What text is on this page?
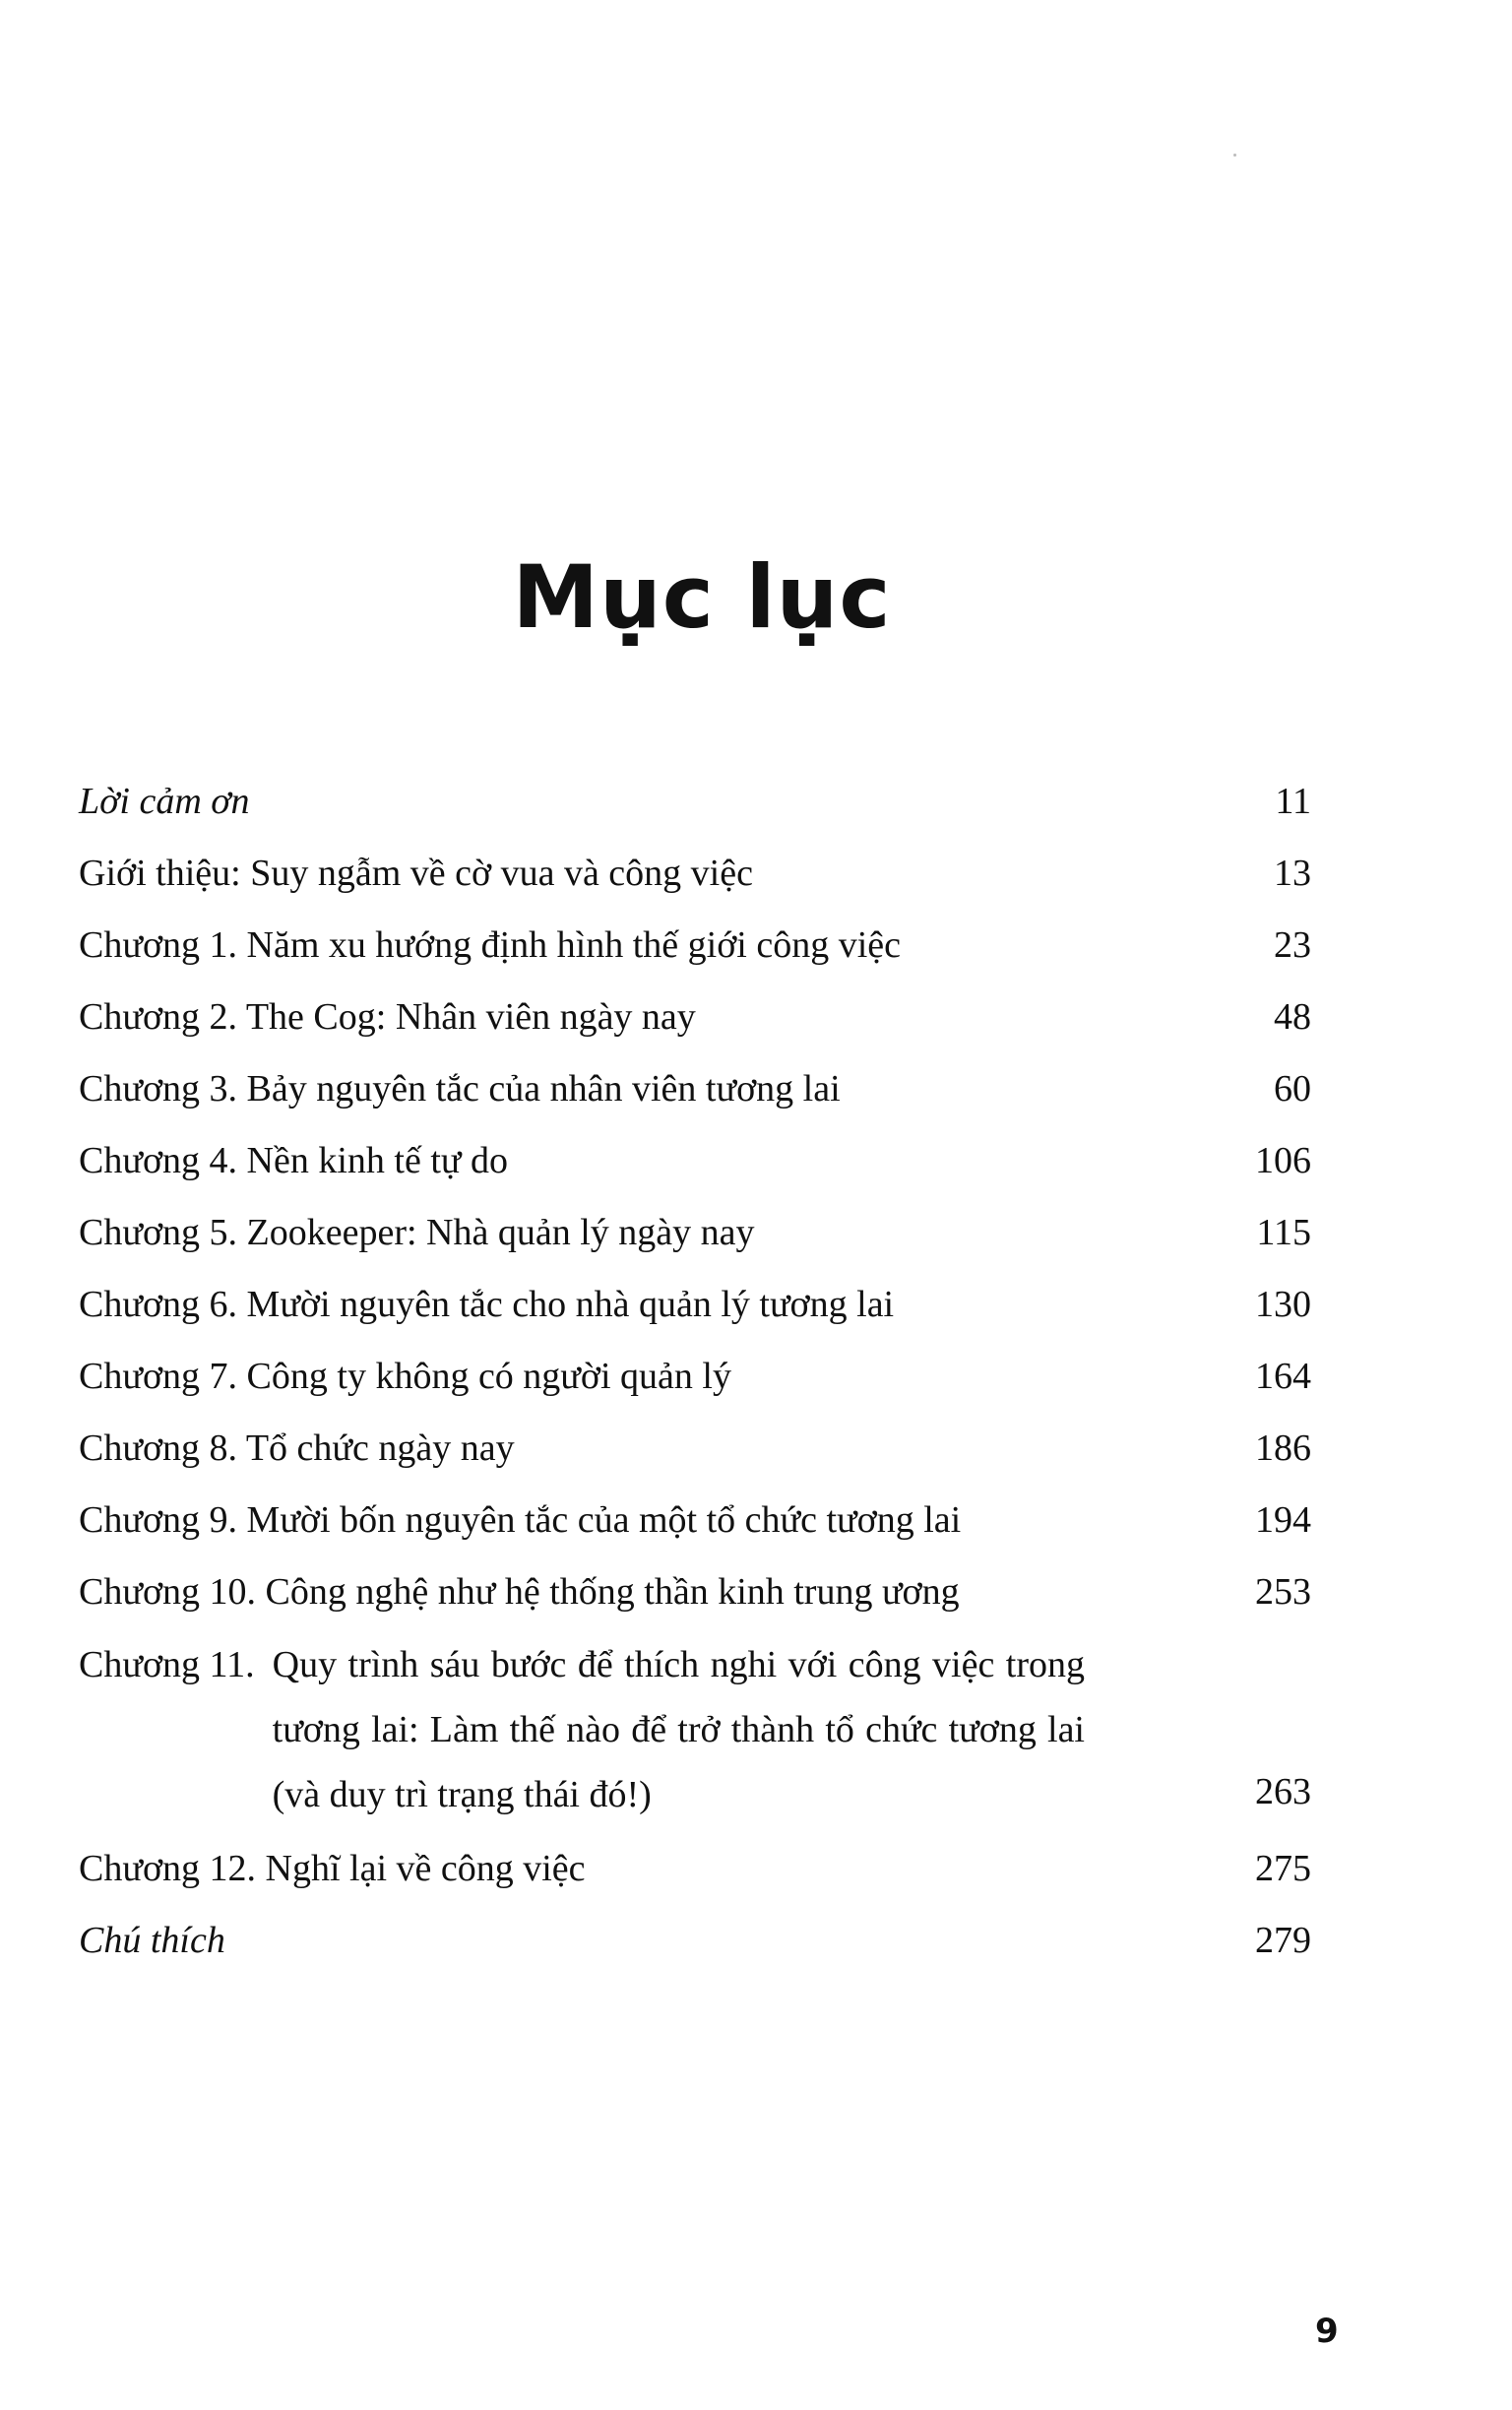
Mục lục
Lời cảm ơn	11
Giới thiệu: Suy ngẫm về cờ vua và công việc	13
Chương 1. Năm xu hướng định hình thế giới công việc	23
Chương 2. The Cog: Nhân viên ngày nay	48
Chương 3. Bảy nguyên tắc của nhân viên tương lai	60
Chương 4. Nền kinh tế tự do	106
Chương 5. Zookeeper: Nhà quản lý ngày nay	115
Chương 6. Mười nguyên tắc cho nhà quản lý tương lai	130
Chương 7. Công ty không có người quản lý	164
Chương 8. Tổ chức ngày nay	186
Chương 9. Mười bốn nguyên tắc của một tổ chức tương lai	194
Chương 10. Công nghệ như hệ thống thần kinh trung ương	253
Chương 11. Quy trình sáu bước để thích nghi với công việc trong tương lai: Làm thế nào để trở thành tổ chức tương lai (và duy trì trạng thái đó!)	263
Chương 12. Nghĩ lại về công việc	275
Chú thích	279
9
